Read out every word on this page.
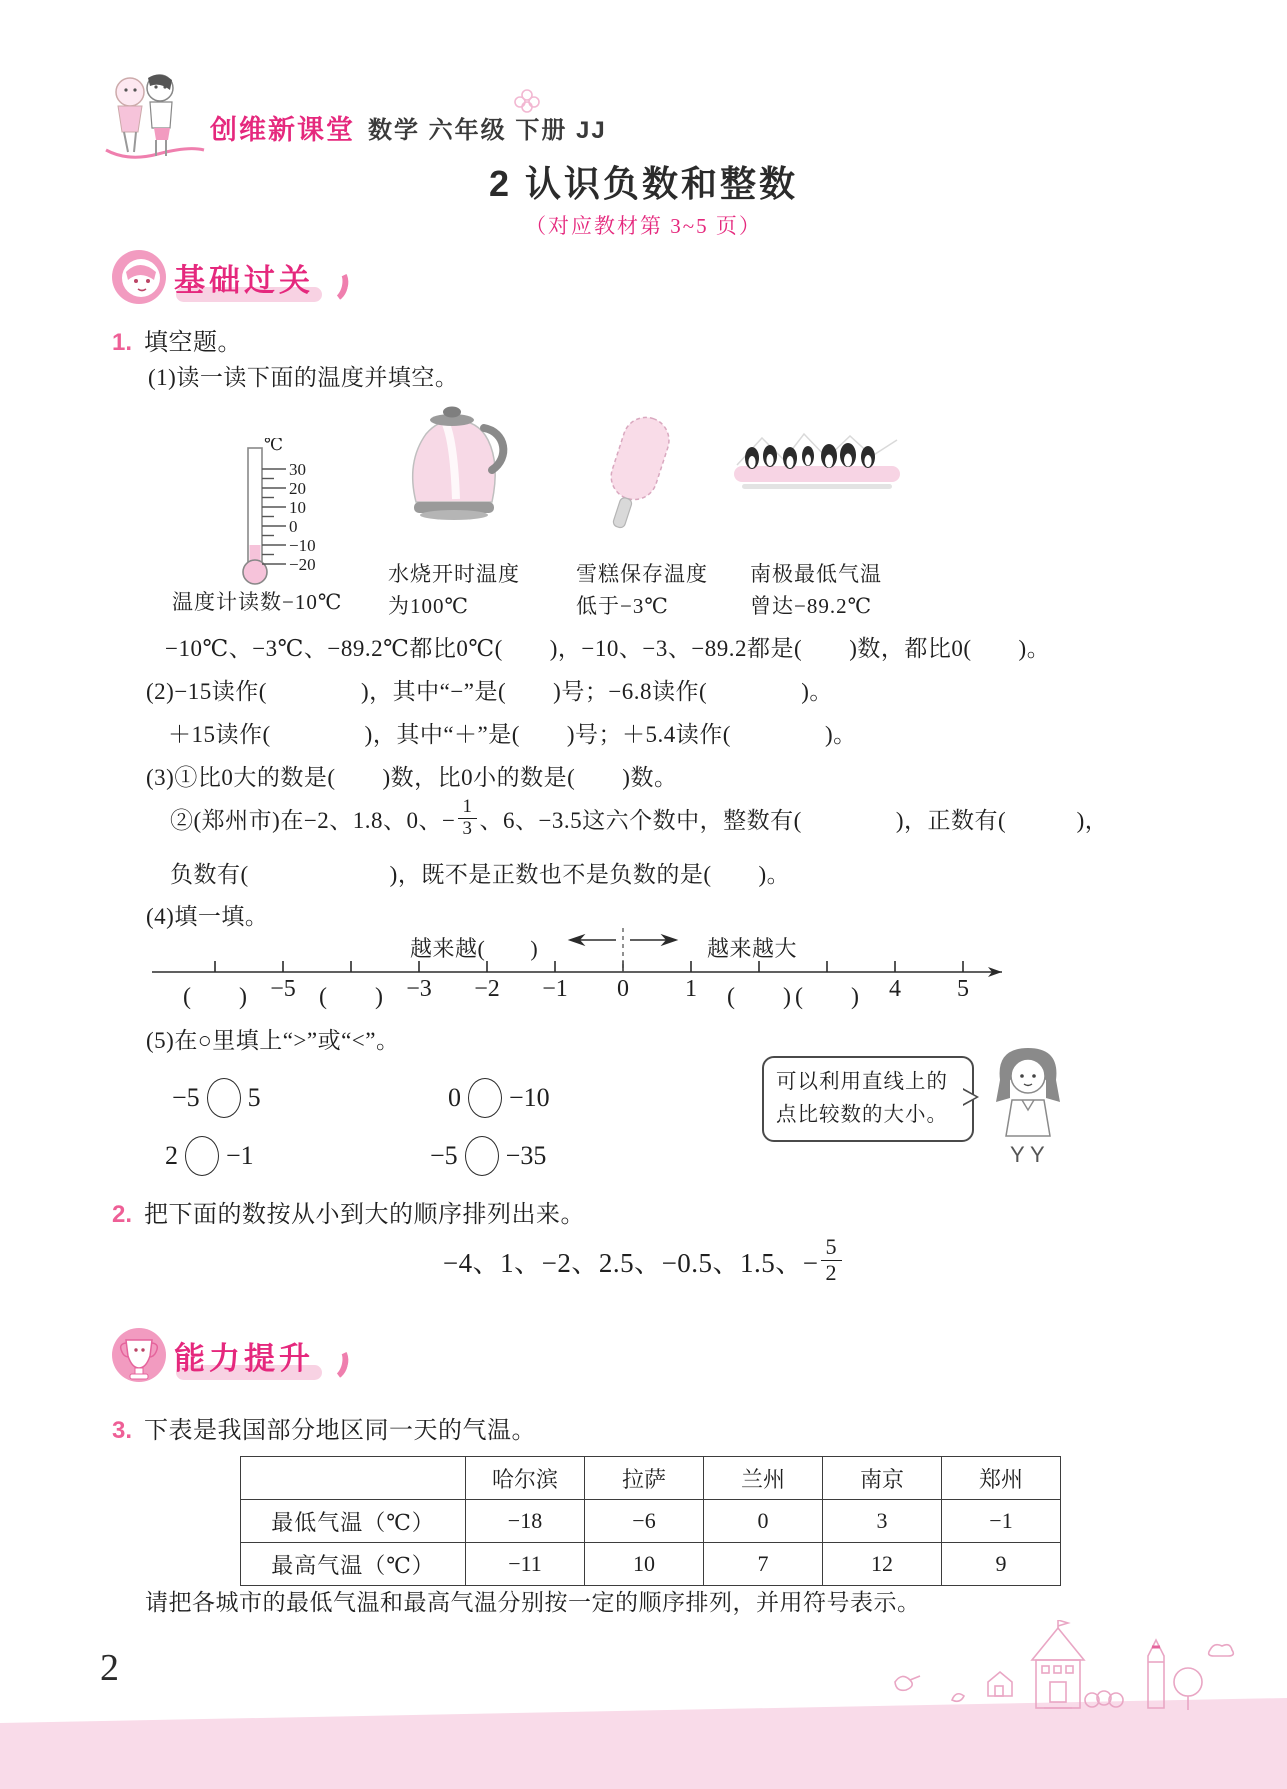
创维新课堂 数学 六年级 下册 JJ
2 认识负数和整数
（对应教材第 3~5 页）
基础过关
1. 填空题。
(1)读一读下面的温度并填空。
℃
30
20
10
0
−10
−20
温度计读数−10℃
水烧开时温度
为100℃
雪糕保存温度
低于−3℃
南极最低气温
曾达−89.2℃
−10℃、−3℃、−89.2℃都比0℃(　　)，−10、−3、−89.2都是(　　)数，都比0(　　)。
(2)−15读作(　　　　)，其中“−”是(　　)号；−6.8读作(　　　　)。
＋15读作(　　　　)，其中“＋”是(　　)号；＋5.4读作(　　　　)。
(3)①比0大的数是(　　)数，比0小的数是(　　)数。
②(郑州市)在−2、1.8、0、− $\frac{1}{3}$ 、6、−3.5这六个数中，整数有(　　　　)，正数有(　　　)，
负数有(　　　　　　)，既不是正数也不是负数的是(　　)。
(4)填一填。
越来越(　　)	越来越大
(　　) −5 (　　) −3 −2 −1 0 1 (　　) (　　) 4 5
(5)在○里填上“>”或“<”。
−5 5	0 −10
2 −1	−5 −35
可以利用直线上的
点比较数的大小。
Y Y
2. 把下面的数按从小到大的顺序排列出来。
−4、1、−2、2.5、−0.5、1.5、− $\frac{5}{2}$
能力提升
3. 下表是我国部分地区同一天的气温。
	哈尔滨	拉萨	兰州	南京	郑州
最低气温（℃）	−18	−6	0	3	−1
最高气温（℃）	−11	10	7	12	9
请把各城市的最低气温和最高气温分别按一定的顺序排列，并用符号表示。
2
